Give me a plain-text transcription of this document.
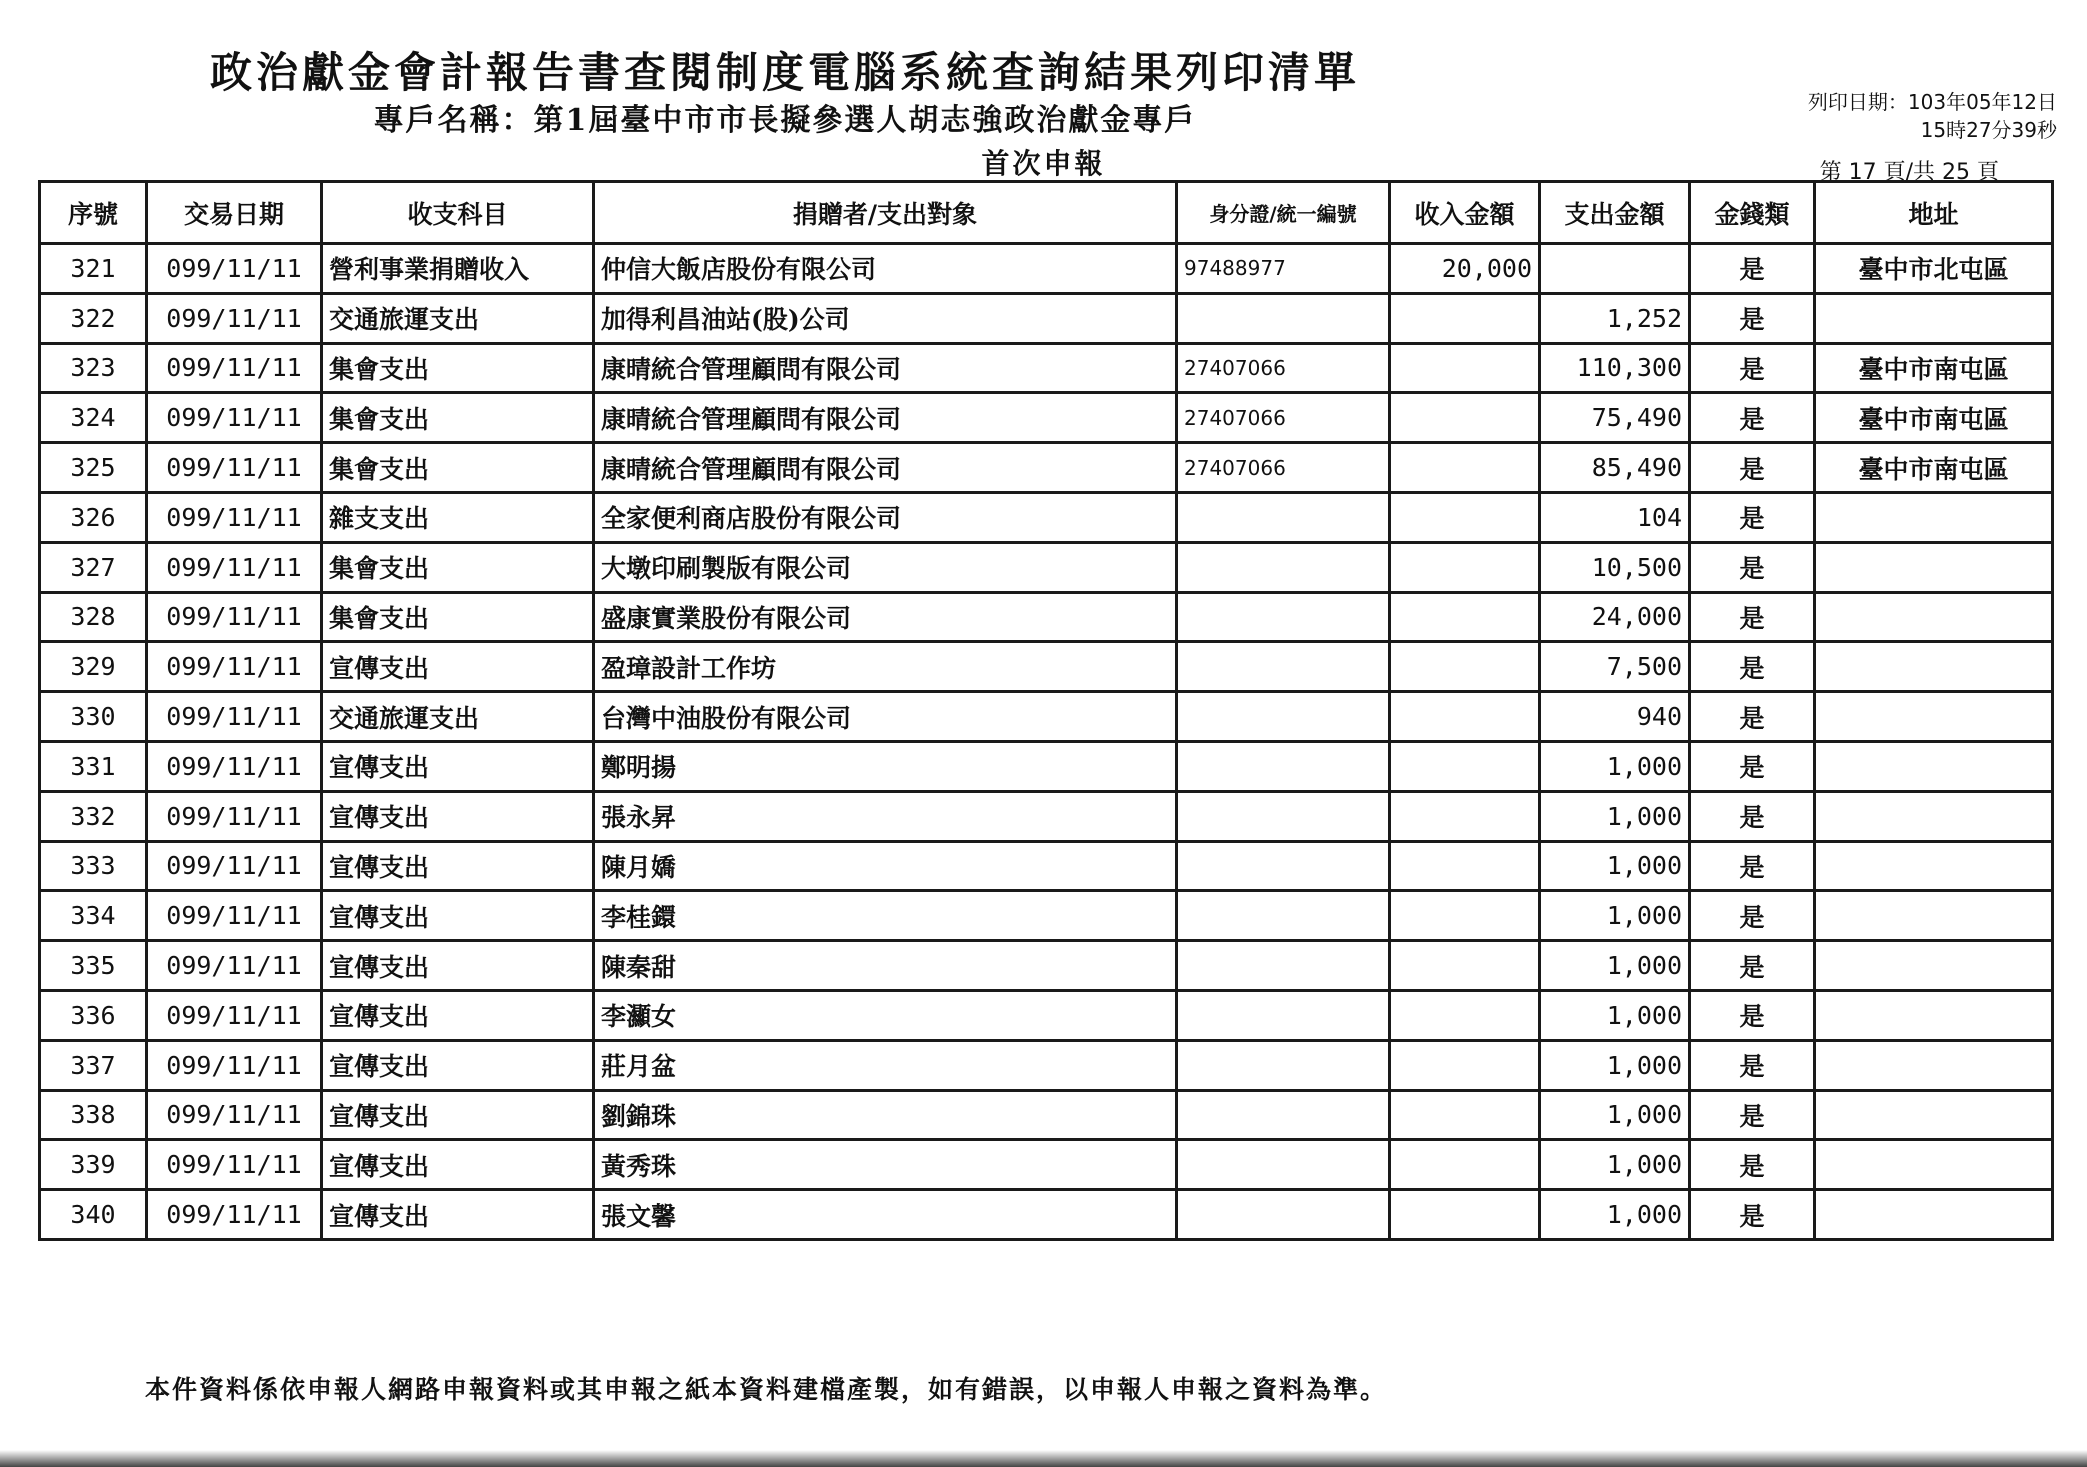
政治獻金會計報告書查閱制度電腦系統查詢結果列印清單
專戶名稱：第1屆臺中市市長擬參選人胡志強政治獻金專戶
首次申報
列印日期：103年05年12日
15時27分39秒
第 17 頁/共 25 頁
序號	交易日期	收支科目	捐贈者/支出對象	身分證/統一編號	收入金額	支出金額	金錢類	地址
321	099/11/11	營利事業捐贈收入	仲信大飯店股份有限公司	97488977	20,000		是	臺中市北屯區
322	099/11/11	交通旅運支出	加得利昌油站(股)公司			1,252	是	
323	099/11/11	集會支出	康晴統合管理顧問有限公司	27407066		110,300	是	臺中市南屯區
324	099/11/11	集會支出	康晴統合管理顧問有限公司	27407066		75,490	是	臺中市南屯區
325	099/11/11	集會支出	康晴統合管理顧問有限公司	27407066		85,490	是	臺中市南屯區
326	099/11/11	雜支支出	全家便利商店股份有限公司			104	是	
327	099/11/11	集會支出	大墩印刷製版有限公司			10,500	是	
328	099/11/11	集會支出	盛康實業股份有限公司			24,000	是	
329	099/11/11	宣傳支出	盈璋設計工作坊			7,500	是	
330	099/11/11	交通旅運支出	台灣中油股份有限公司			940	是	
331	099/11/11	宣傳支出	鄭明揚			1,000	是	
332	099/11/11	宣傳支出	張永昇			1,000	是	
333	099/11/11	宣傳支出	陳月嬌			1,000	是	
334	099/11/11	宣傳支出	李桂鐶			1,000	是	
335	099/11/11	宣傳支出	陳秦甜			1,000	是	
336	099/11/11	宣傳支出	李灦女			1,000	是	
337	099/11/11	宣傳支出	莊月盆			1,000	是	
338	099/11/11	宣傳支出	劉錦珠			1,000	是	
339	099/11/11	宣傳支出	黃秀珠			1,000	是	
340	099/11/11	宣傳支出	張文馨			1,000	是	
本件資料係依申報人網路申報資料或其申報之紙本資料建檔產製，如有錯誤，以申報人申報之資料為準。
